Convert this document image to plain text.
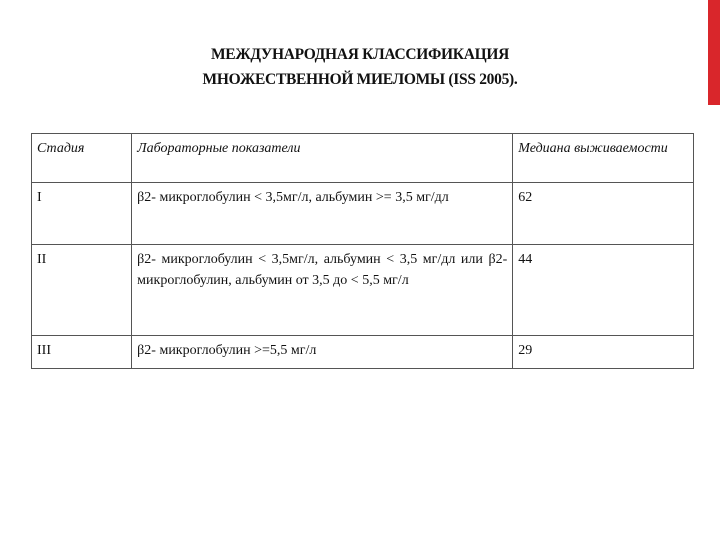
МЕЖДУНАРОДНАЯ КЛАССИФИКАЦИЯ
МНОЖЕСТВЕННОЙ МИЕЛОМЫ (ISS 2005).
Стадия	Лабораторные показатели	Медиана выживаемости
I	β2- микроглобулин < 3,5мг/л, альбумин >= 3,5 мг/дл	62
II	β2- микроглобулин < 3,5мг/л, альбумин < 3,5 мг/дл или β2- микроглобулин, альбумин от 3,5 до < 5,5 мг/л	44
III	β2- микроглобулин >=5,5 мг/л	29
